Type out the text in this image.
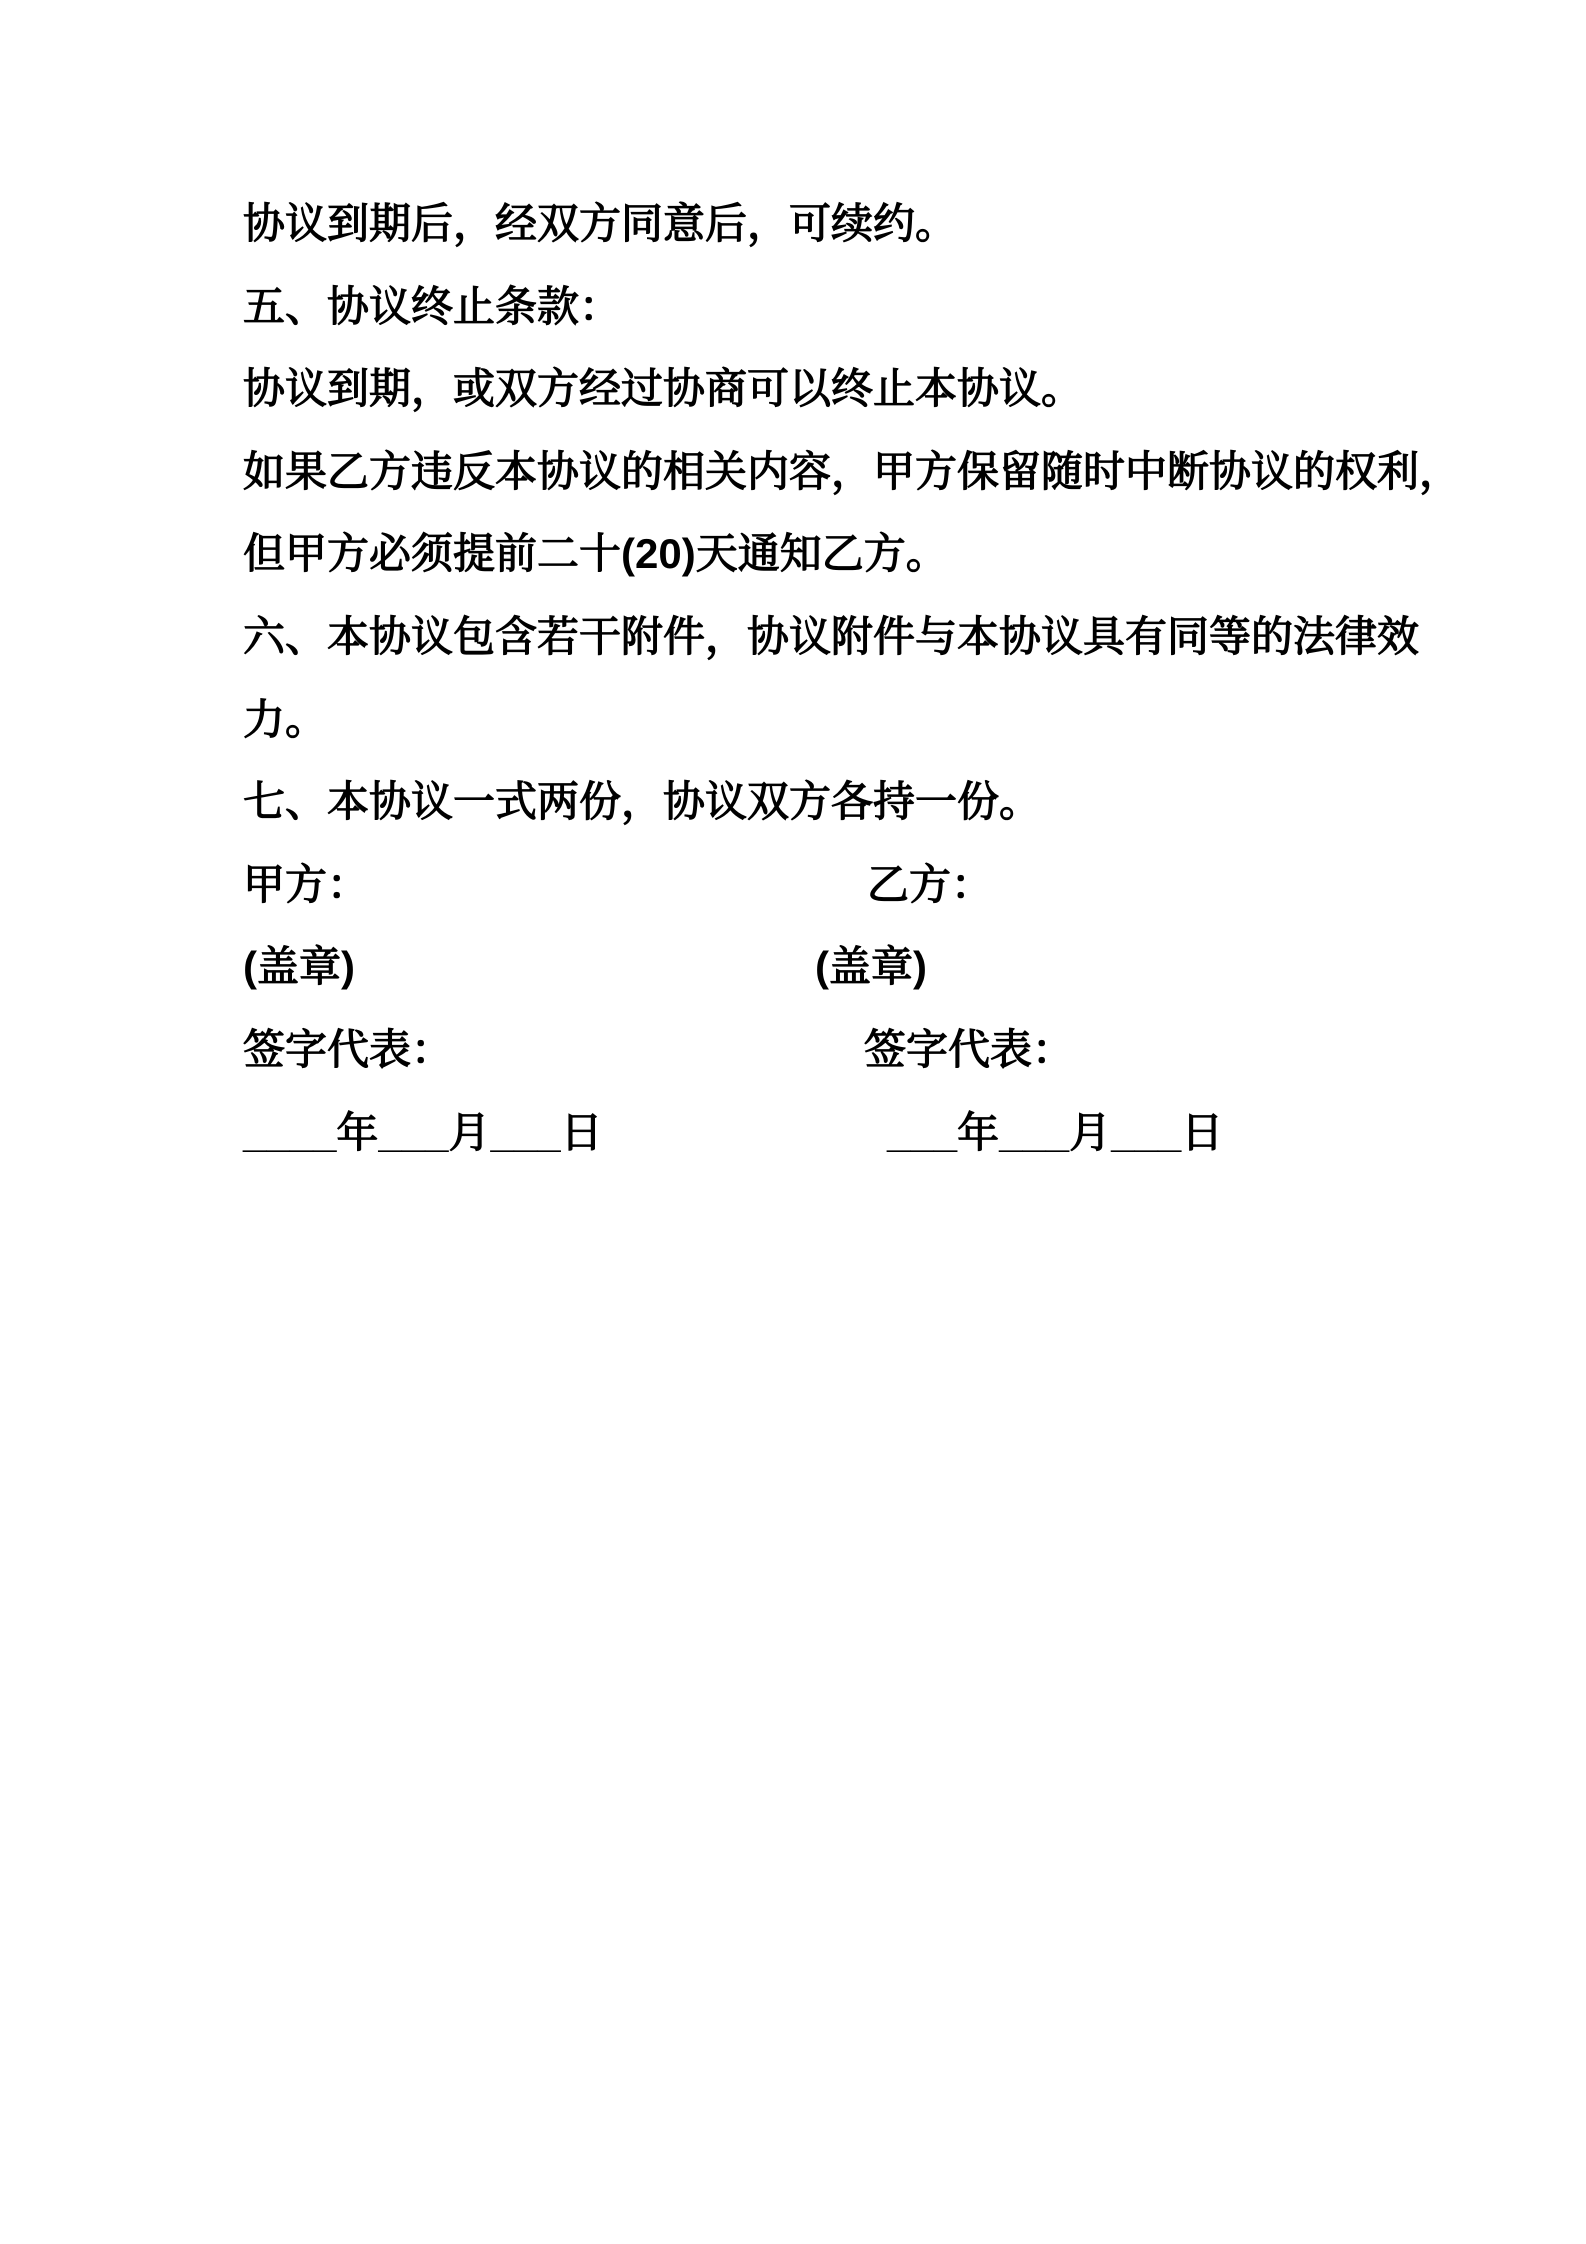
协议到期后，经双方同意后，可续约。
五、协议终止条款：
协议到期，或双方经过协商可以终止本协议。
如果乙方违反本协议的相关内容，甲方保留随时中断协议的权利，
但甲方必须提前二十(20)天通知乙方。
六、本协议包含若干附件，协议附件与本协议具有同等的法律效
力。
七、本协议一式两份，协议双方各持一份。
甲方：	乙方：
(盖章)	(盖章)
签字代表：	签字代表：
____年___月___日	___年___月___日
